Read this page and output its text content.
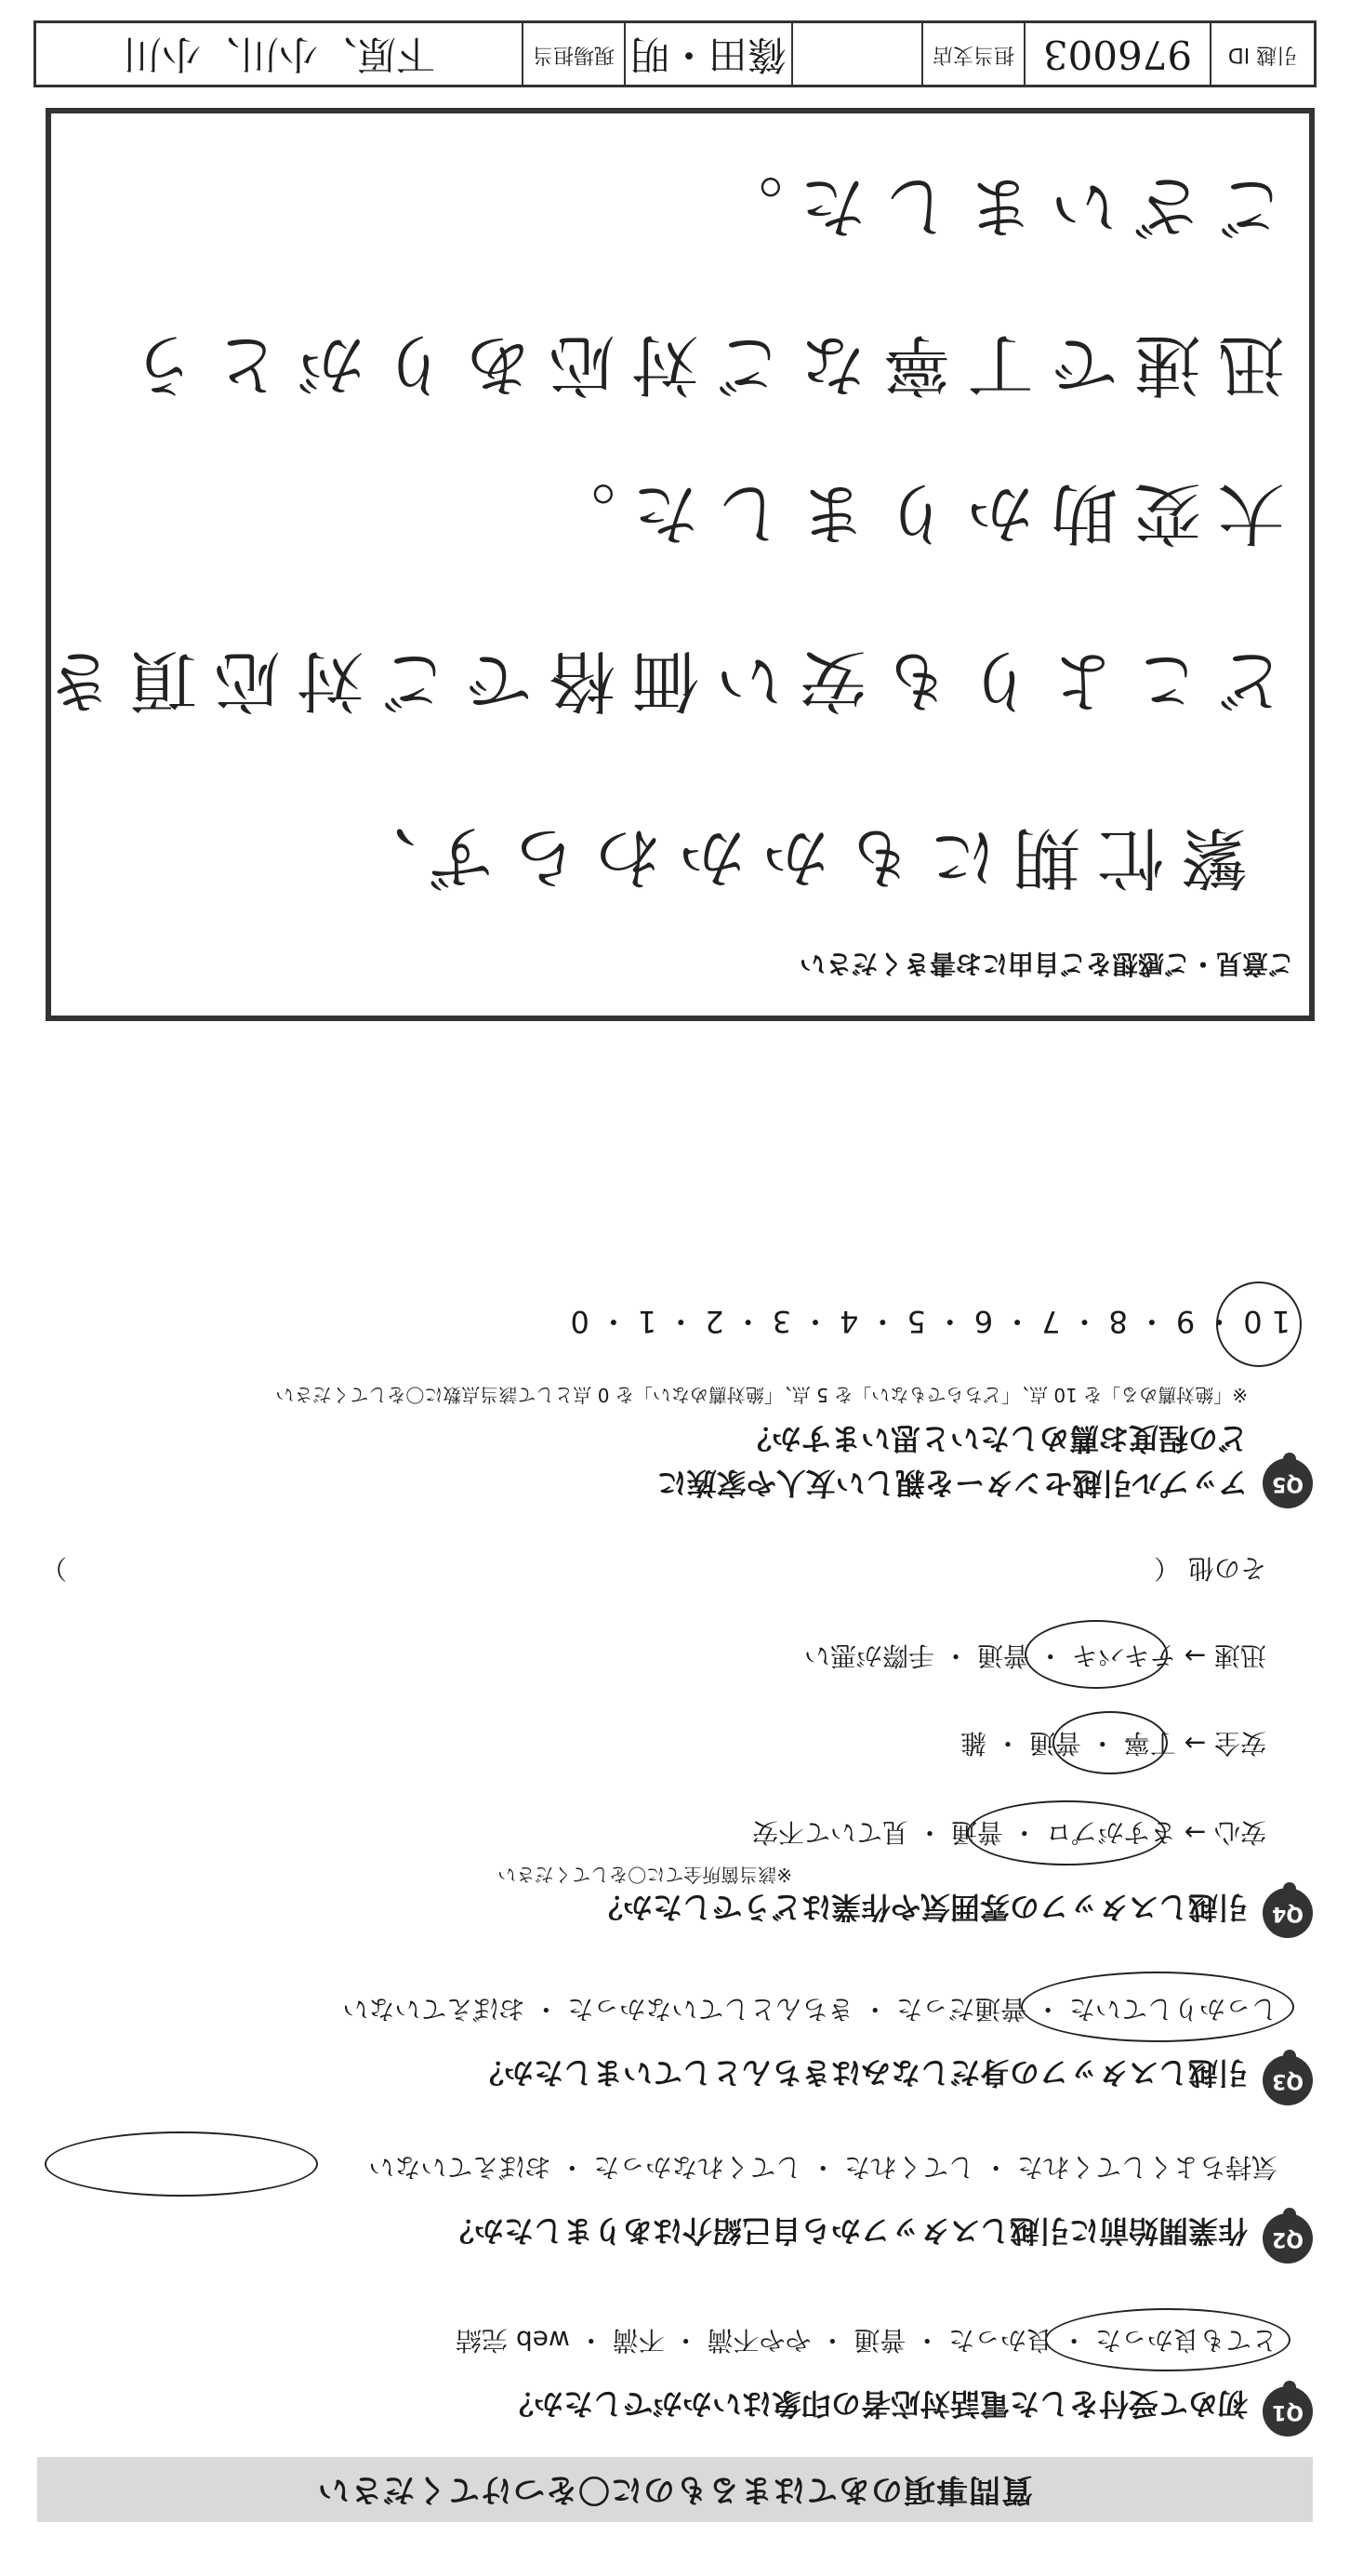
質問事項のあてはまるものに〇をつけてください
Q1
初めて受付をした電話対応者の印象はいかがでしたか？
とても良かった ・ 良かった ・ 普通 ・ やや不満 ・ 不満 ・ web 完結
Q2
作業開始前に引越しスタッフから自己紹介はありましたか？
気持ちよくしてくれた ・ してくれた ・ してくれなかった ・ おぼえていない
Q3
引越しスタッフの身だしなみはきちんとしていましたか？
しっかりしていた ・ 普通だった ・ きちんとしていなかった ・ おぼえていない
Q4
引越しスタッフの雰囲気や作業はどうでしたか？
※該当箇所全てに〇をしてください
安心 → さすがプロ ・ 普通 ・ 見ていて不安
安全 → 丁寧 ・ 普通 ・ 雑
迅速 → テキパキ ・ 普通 ・ 手際が悪い
その他 （
）
Q5
アップル引越センターを親しい友人や家族に
どの程度お薦めしたいと思いますか？
※「絶対薦める」を 10 点、「どちらでもない」を 5 点、「絶対薦めない」を 0 点として該当点数に〇をしてください
10・9・8・7・6・5・4・3・2・1・0
ご意見・ご感想をご自由にお書きください
繁忙期にもかかわらず、
どこよりも安い価格でご対応頂き
大変助かりました。
迅速で丁寧なご対応ありがとう
ございました。
引越 ID
976003
担当支店
篠田・明
現場担当
下原、小川、小川
